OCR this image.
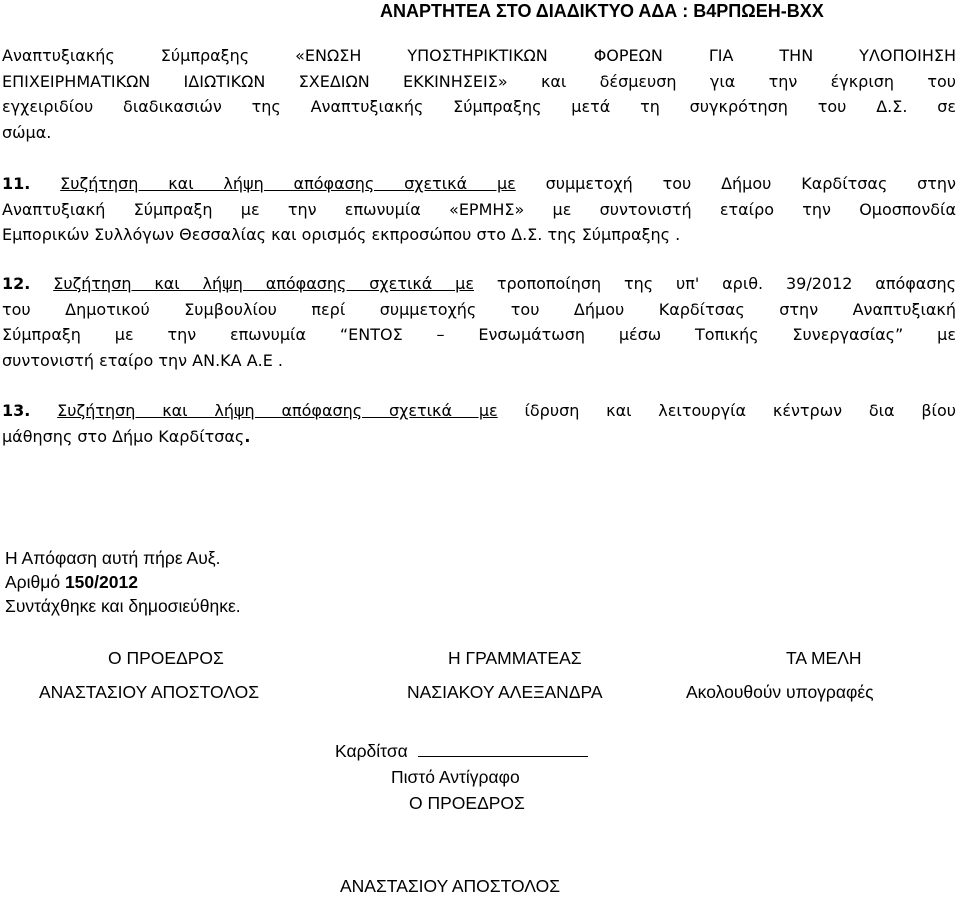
ΑΝΑΡΤΗΤΕΑ ΣΤΟ ΔΙΑΔΙΚΤΥΟ ΑΔΑ : Β4ΡΠΩΕΗ-ΒΧΧ
Αναπτυξιακής Σύμπραξης «ΕΝΩΣΗ ΥΠΟΣΤΗΡΙΚΤΙΚΩΝ ΦΟΡΕΩΝ ΓΙΑ ΤΗΝ ΥΛΟΠΟΙΗΣΗ
ΕΠΙΧΕΙΡΗΜΑΤΙΚΩΝ ΙΔΙΩΤΙΚΩΝ ΣΧΕΔΙΩΝ ΕΚΚΙΝΗΣΕΙΣ» και δέσμευση για την έγκριση του
εγχειριδίου διαδικασιών της Αναπτυξιακής Σύμπραξης μετά τη συγκρότηση του Δ.Σ. σε
σώμα.
11. Συζήτηση και λήψη απόφασης σχετικά με συμμετοχή του Δήμου Καρδίτσας στην
Αναπτυξιακή Σύμπραξη με την επωνυμία «ΕΡΜΗΣ» με συντονιστή εταίρο την Ομοσπονδία
Εμπορικών Συλλόγων Θεσσαλίας και ορισμός εκπροσώπου στο Δ.Σ. της Σύμπραξης .
12. Συζήτηση και λήψη απόφασης σχετικά με τροποποίηση της υπ' αριθ. 39/2012 απόφασης
του Δημοτικού Συμβουλίου περί συμμετοχής του Δήμου Καρδίτσας στην Αναπτυξιακή
Σύμπραξη με την επωνυμία “ΕΝΤΟΣ – Ενσωμάτωση μέσω Τοπικής Συνεργασίας” με
συντονιστή εταίρο την ΑΝ.ΚΑ Α.Ε .
13. Συζήτηση και λήψη απόφασης σχετικά με ίδρυση και λειτουργία κέντρων δια βίου
μάθησης στο Δήμο Καρδίτσας.
Η Απόφαση αυτή πήρε Αυξ.
Αριθμό 150/2012
Συντάχθηκε και δημοσιεύθηκε.
Ο ΠΡΟΕΔΡΟΣ	Η ΓΡΑΜΜΑΤΕΑΣ	ΤΑ ΜΕΛΗ
ΑΝΑΣΤΑΣΙΟΥ ΑΠΟΣΤΟΛΟΣ	ΝΑΣΙΑΚΟΥ ΑΛΕΞΑΝΔΡΑ	Ακολουθούν υπογραφές
Καρδίτσα
Πιστό Αντίγραφο
Ο ΠΡΟΕΔΡΟΣ
ΑΝΑΣΤΑΣΙΟΥ ΑΠΟΣΤΟΛΟΣ
